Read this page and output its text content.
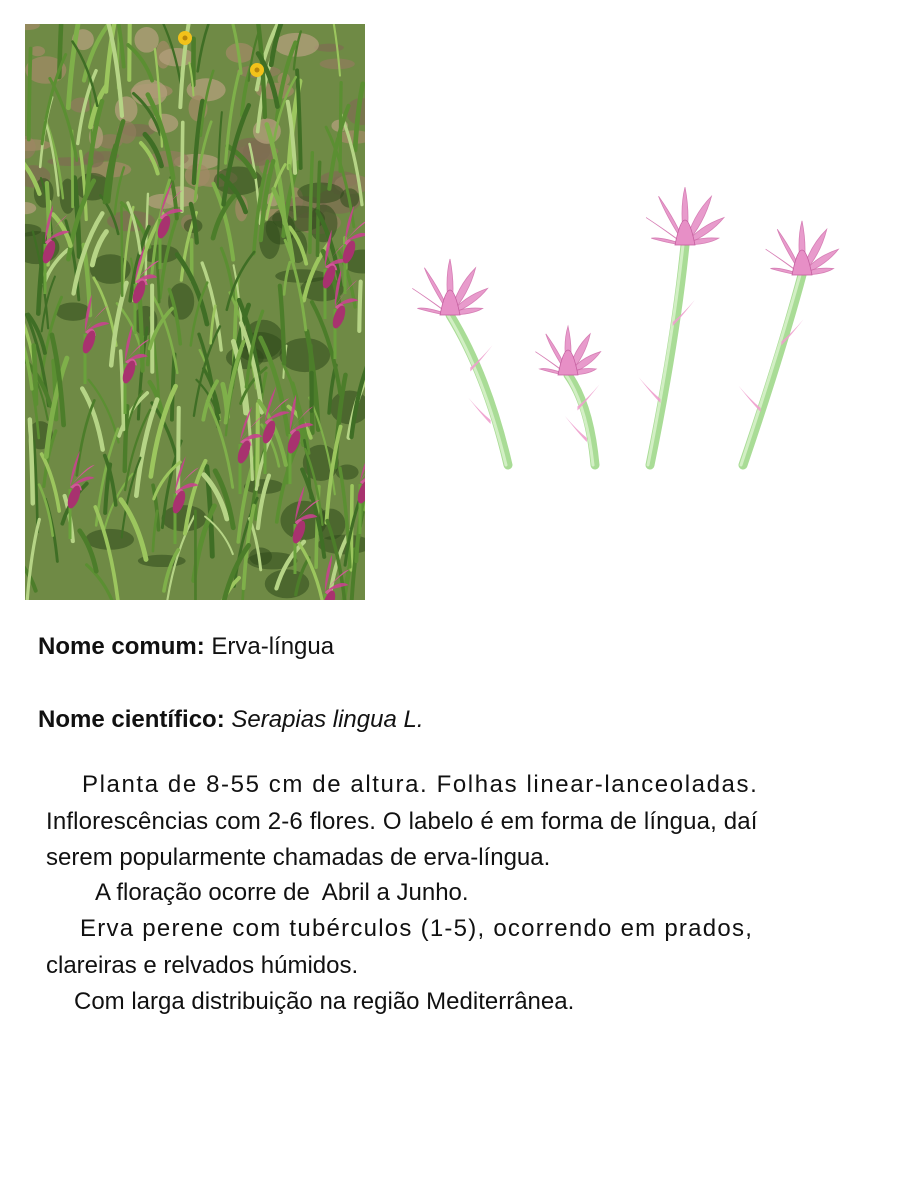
Nome comum: Erva-língua
Nome científico: Serapias lingua L.
Planta de 8-55 cm de altura. Folhas linear-lanceoladas.
Inflorescências com 2-6 flores. O labelo é em forma de língua, daí
serem popularmente chamadas de erva-língua.
A floração ocorre de  Abril a Junho.
Erva perene com tubérculos (1-5), ocorrendo em prados,
clareiras e relvados húmidos.
Com larga distribuição na região Mediterrânea.
